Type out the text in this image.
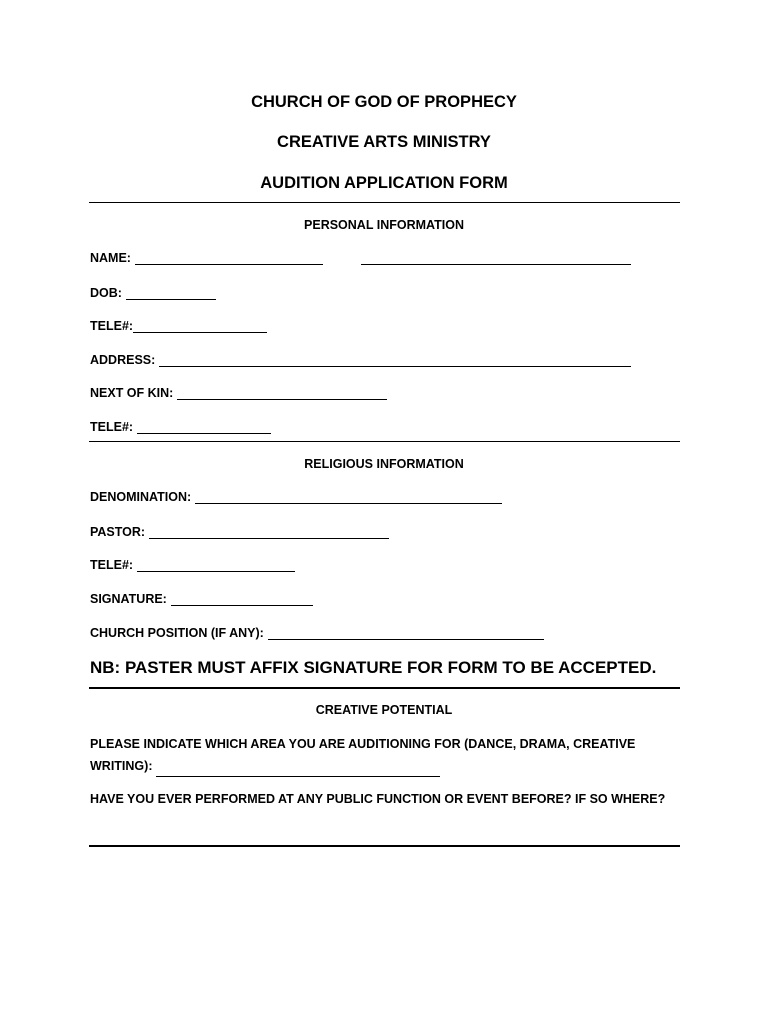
CHURCH OF GOD OF PROPHECY
CREATIVE ARTS MINISTRY
AUDITION APPLICATION FORM
PERSONAL INFORMATION
NAME:
DOB:
TELE#:
ADDRESS:
NEXT OF KIN:
TELE#:
RELIGIOUS INFORMATION
DENOMINATION:
PASTOR:
TELE#:
SIGNATURE:
CHURCH POSITION (IF ANY):
NB: PASTER MUST AFFIX SIGNATURE FOR FORM TO BE ACCEPTED.
CREATIVE POTENTIAL
PLEASE INDICATE WHICH AREA YOU ARE AUDITIONING FOR (DANCE, DRAMA, CREATIVE
WRITING):
HAVE YOU EVER PERFORMED AT ANY PUBLIC FUNCTION OR EVENT BEFORE? IF SO WHERE?
